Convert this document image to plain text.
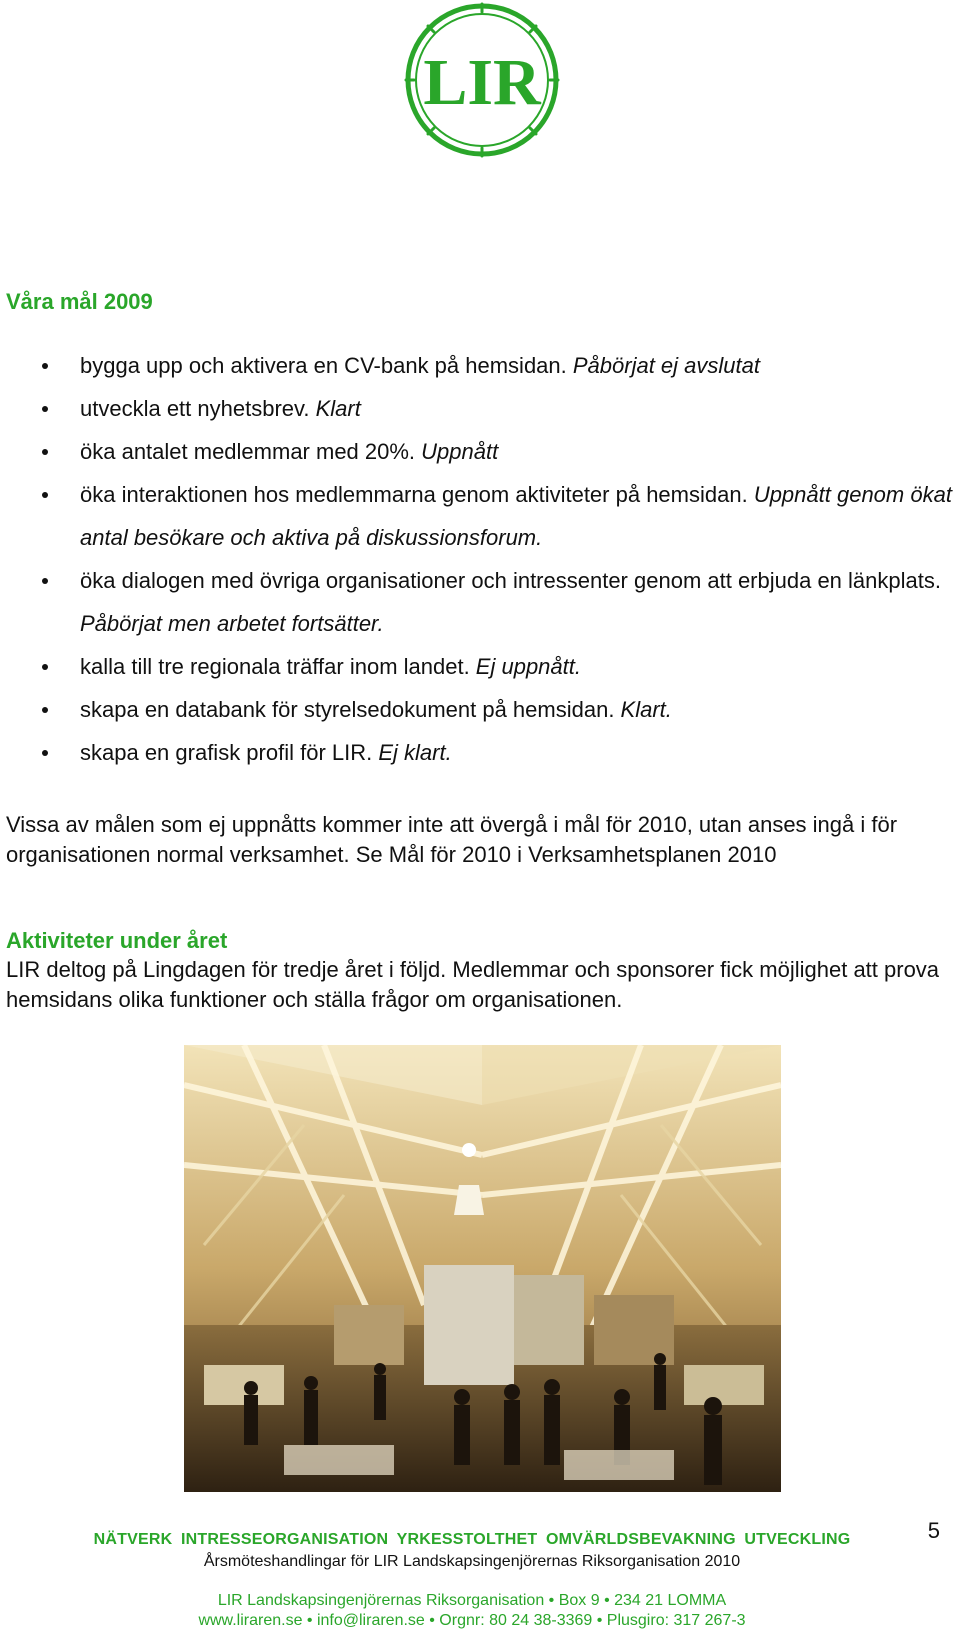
LIR
Våra mål 2009
bygga upp och aktivera en CV-bank på hemsidan. Påbörjat ej avslutat
utveckla ett nyhetsbrev. Klart
öka antalet medlemmar med 20%. Uppnått
öka interaktionen hos medlemmarna genom aktiviteter på hemsidan. Uppnått genom ökat antal besökare och aktiva på diskussionsforum.
öka dialogen med övriga organisationer och intressenter genom att erbjuda en länkplats. Påbörjat men arbetet fortsätter.
kalla till tre regionala träffar inom landet. Ej uppnått.
skapa en databank för styrelsedokument på hemsidan. Klart.
skapa en grafisk profil för LIR. Ej klart.

Vissa av målen som ej uppnåtts kommer inte att övergå i mål för 2010, utan anses ingå i för organisationen normal verksamhet. Se Mål för 2010 i Verksamhetsplanen 2010

Aktiviteter under året

LIR deltog på Lingdagen för tredje året i följd. Medlemmar och sponsorer fick möjlighet att prova hemsidans olika funktioner och ställa frågor om organisationen.

NÄTVERK INTRESSEORGANISATION YRKESSTOLTHET OMVÄRLDSBEVAKNING UTVECKLING

Årsmöteshandlingar för LIR Landskapsingenjörernas Riksorganisation 2010

LIR Landskapsingenjörernas Riksorganisation • Box 9 • 234 21 LOMMA

www.liraren.se • info@liraren.se • Orgnr: 80 24 38-3369 • Plusgiro: 317 267-3

5
